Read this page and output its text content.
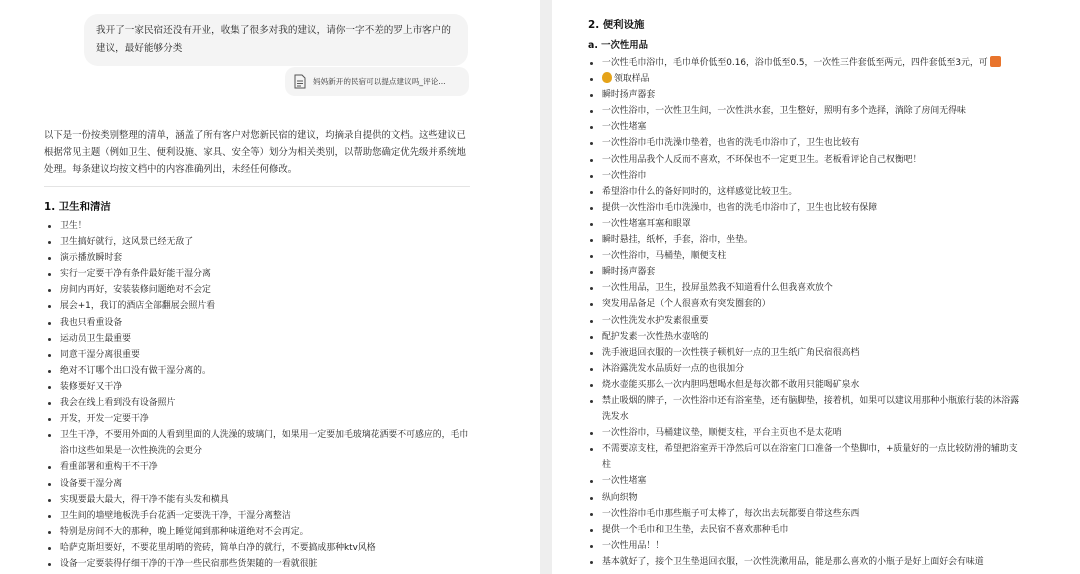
我开了一家民宿还没有开业，收集了很多对我的建议，请你一字不差的罗上市客户的建议，最好能够分类
妈妈新开的民宿可以提点建议吗_评论...
以下是一份按类别整理的清单，涵盖了所有客户对您新民宿的建议，均摘录自提供的文档。这些建议已根据常见主题（例如卫生、便利设施、家具、安全等）划分为相关类别，以帮助您确定优先级并系统地处理。每条建议均按文档中的内容准确列出，未经任何修改。
1. 卫生和清洁
卫生！
卫生搞好就行，这风景已经无敌了
演示播放瞬时套
实行一定要干净有条件最好能干湿分离
房间内再好，安装装修问题绝对不会定
展会+1，我订的酒店全部翻展会照片看
我也只看重设备
运动员卫生最重要
同意干湿分离很重要
绝对不订哪个出口没有做干湿分离的。
装修要好又干净
我会在线上看到没有设备照片
开发，开发一定要干净
卫生干净，不要用外面的人看到里面的人洗澡的玻璃门，如果用一定要加毛玻璃花洒要不可感应的，毛巾浴巾这些如果是一次性换洗的会更分
看重部署和重构干不干净
设备要干湿分离
实现要最大最大，得干净不能有头发和横具
卫生间的墙壁地板洗手台花洒一定要洗干净，干湿分离整洁
特别是房间不大的那种，晚上睡觉闻到那种味道绝对不会再定。
哈萨克斯坦要好，不要花里胡哨的瓷砖，简单白净的就行，不要搞成那种ktv风格
设备一定要装得仔细干净的干净一些民宿那些货架随的一看就很脏
2. 便利设施
a. 一次性用品
一次性毛巾浴巾，毛巾单价低至0.16，浴巾低至0.5，一次性三件套低至两元，四件套低至3元，可
领取样品
瞬时扬声器套
一次性浴巾，一次性卫生间，一次性洪水套，卫生整好，照明有多个选择，淌除了房间无得味
一次性堵塞
一次性浴巾毛巾洗澡巾垫着，也省的洗毛巾浴巾了，卫生也比较有
一次性用品我个人反而不喜欢，不环保也不一定更卫生。老板看评论自己权衡吧！
一次性浴巾
希望浴巾什么的备好同时的，这样感觉比较卫生。
提供一次性浴巾毛巾洗澡巾，也省的洗毛巾浴巾了，卫生也比较有保障
一次性堵塞耳塞和眼罩
瞬时悬挂，纸杯，手套，浴巾，坐垫。
一次性浴巾，马桶垫，顺便支柱
瞬时扬声器套
一次性用品，卫生，投屏虽然我不知道看什么但我喜欢放个
突发用品备足（个人很喜欢有突发圈套的）
一次性洗发水护发素很重要
配护发素一次性热水壶啥的
洗手液退回衣服的一次性筷子顿机好一点的卫生纸广角民宿很高档
沐浴露洗发水品质好一点的也很加分
烧水壶能买那么一次内胆吗想喝水但是每次都不敢用只能喝矿泉水
禁止吸烟的牌子，一次性浴巾还有浴室垫，还有脑脚垫，接着机，如果可以建议用那种小瓶旅行装的沐浴露洗发水
一次性浴巾，马桶建议垫，顺便支柱，平台主页也不是太花哨
不需要凉支柱，希望把浴室弄干净然后可以在浴室门口准备一个垫脚巾，+质量好的一点比较防滑的辅助支柱
一次性堵塞
纵向织物
一次性浴巾毛巾那些瓶子可太棒了，每次出去玩都要自带这些东西
提供一个毛巾和卫生垫，去民宿不喜欢那种毛巾
一次性用品！！
基本就好了，接个卫生垫退回衣服，一次性洗漱用品，能是那么喜欢的小瓶子是好上面好会有味道
